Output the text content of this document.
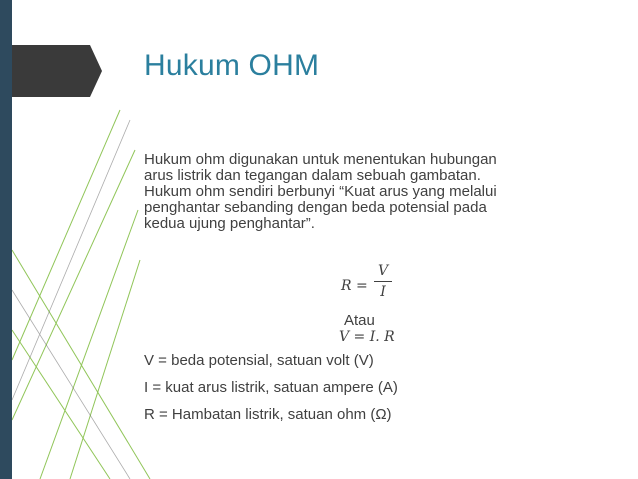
Hukum OHM
Hukum ohm digunakan untuk menentukan hubungan
arus listrik dan tegangan dalam sebuah gambatan.
Hukum ohm sendiri berbunyi “Kuat arus yang melalui
penghantar sebanding dengan beda potensial pada
kedua ujung penghantar”.
R =
V
I
Atau
V = I. R
V = beda potensial, satuan volt (V)
I = kuat arus listrik, satuan ampere (A)
R = Hambatan listrik, satuan ohm (Ω)
